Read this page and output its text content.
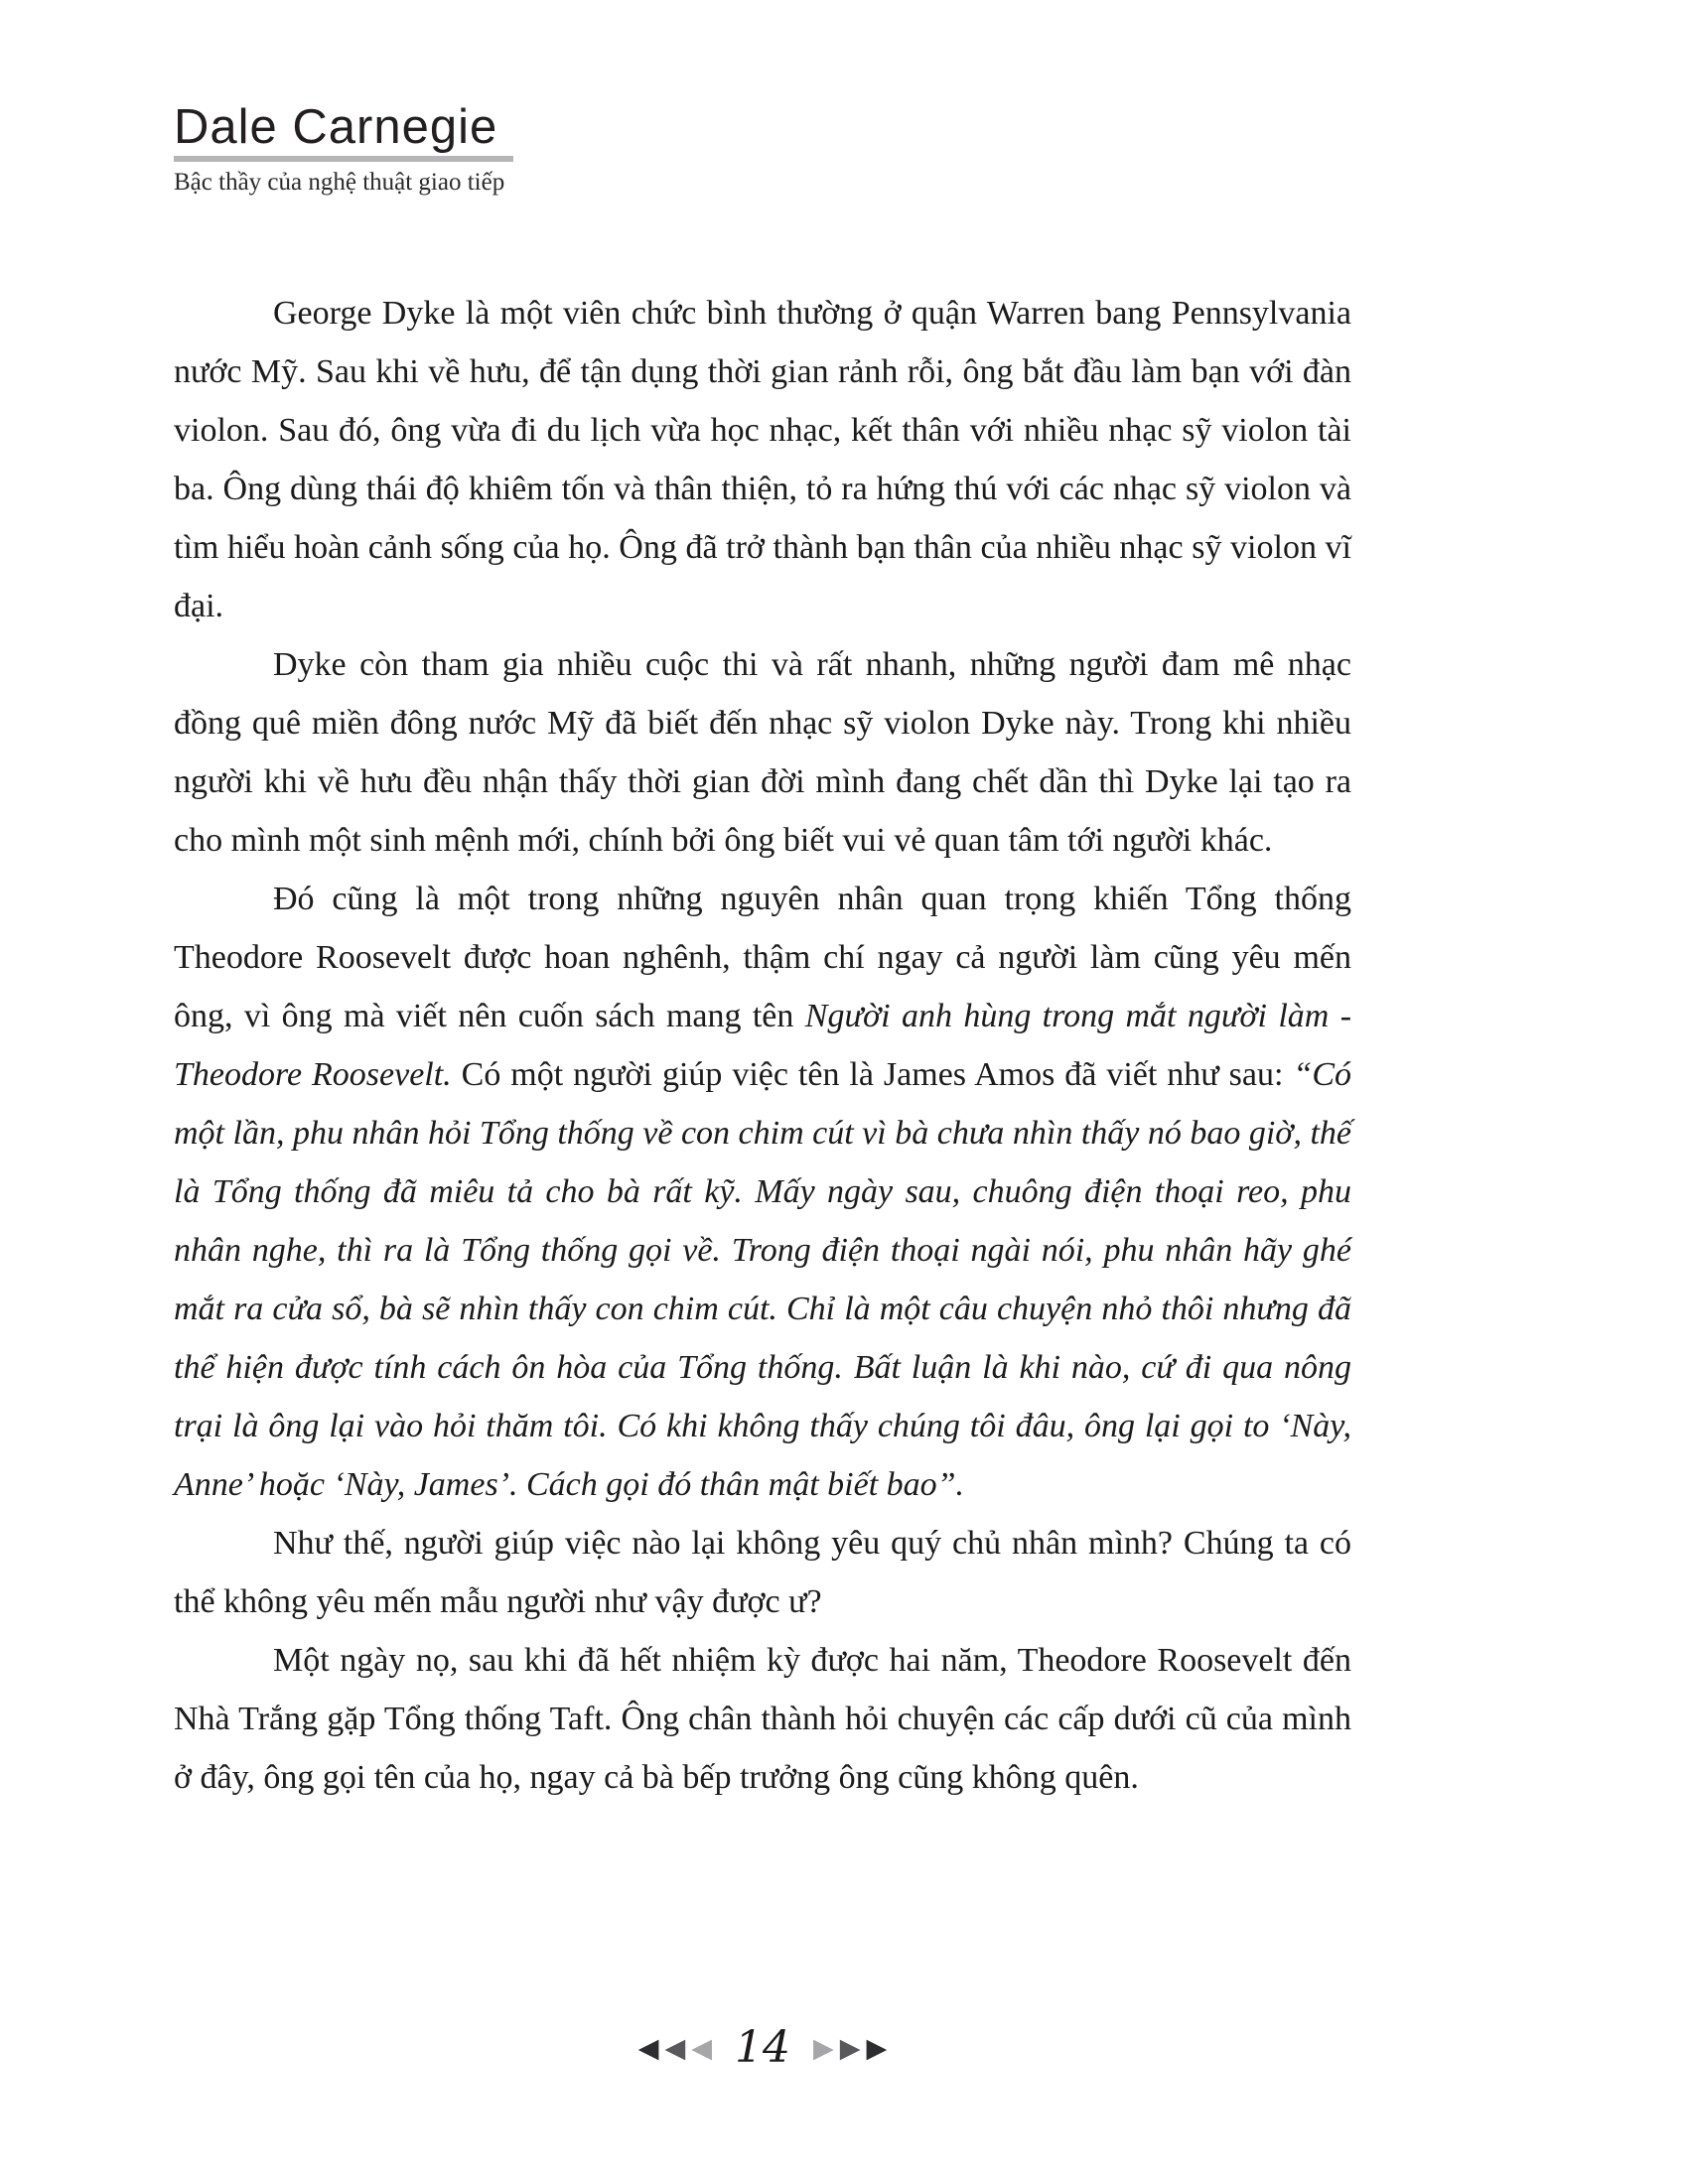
Dale Carnegie

Bậc thầy của nghệ thuật giao tiếp

George Dyke là một viên chức bình thường ở quận Warren bang Pennsylvania nước Mỹ. Sau khi về hưu, để tận dụng thời gian rảnh rỗi, ông bắt đầu làm bạn với đàn violon. Sau đó, ông vừa đi du lịch vừa học nhạc, kết thân với nhiều nhạc sỹ violon tài ba. Ông dùng thái độ khiêm tốn và thân thiện, tỏ ra hứng thú với các nhạc sỹ violon và tìm hiểu hoàn cảnh sống của họ. Ông đã trở thành bạn thân của nhiều nhạc sỹ violon vĩ đại.

Dyke còn tham gia nhiều cuộc thi và rất nhanh, những người đam mê nhạc đồng quê miền đông nước Mỹ đã biết đến nhạc sỹ violon Dyke này. Trong khi nhiều người khi về hưu đều nhận thấy thời gian đời mình đang chết dần thì Dyke lại tạo ra cho mình một sinh mệnh mới, chính bởi ông biết vui vẻ quan tâm tới người khác.

Đó cũng là một trong những nguyên nhân quan trọng khiến Tổng thống Theodore Roosevelt được hoan nghênh, thậm chí ngay cả người làm cũng yêu mến ông, vì ông mà viết nên cuốn sách mang tên Người anh hùng trong mắt người làm - Theodore Roosevelt. Có một người giúp việc tên là James Amos đã viết như sau: “Có một lần, phu nhân hỏi Tổng thống về con chim cút vì bà chưa nhìn thấy nó bao giờ, thế là Tổng thống đã miêu tả cho bà rất kỹ. Mấy ngày sau, chuông điện thoại reo, phu nhân nghe, thì ra là Tổng thống gọi về. Trong điện thoại ngài nói, phu nhân hãy ghé mắt ra cửa sổ, bà sẽ nhìn thấy con chim cút. Chỉ là một câu chuyện nhỏ thôi nhưng đã thể hiện được tính cách ôn hòa của Tổng thống. Bất luận là khi nào, cứ đi qua nông trại là ông lại vào hỏi thăm tôi. Có khi không thấy chúng tôi đâu, ông lại gọi to ‘Này, Anne’ hoặc ‘Này, James’. Cách gọi đó thân mật biết bao”.

Như thế, người giúp việc nào lại không yêu quý chủ nhân mình? Chúng ta có thể không yêu mến mẫu người như vậy được ư?

Một ngày nọ, sau khi đã hết nhiệm kỳ được hai năm, Theodore Roosevelt đến Nhà Trắng gặp Tổng thống Taft. Ông chân thành hỏi chuyện các cấp dưới cũ của mình ở đây, ông gọi tên của họ, ngay cả bà bếp trưởng ông cũng không quên.

◀ ◀ ◀ 14 ▶ ▶ ▶
